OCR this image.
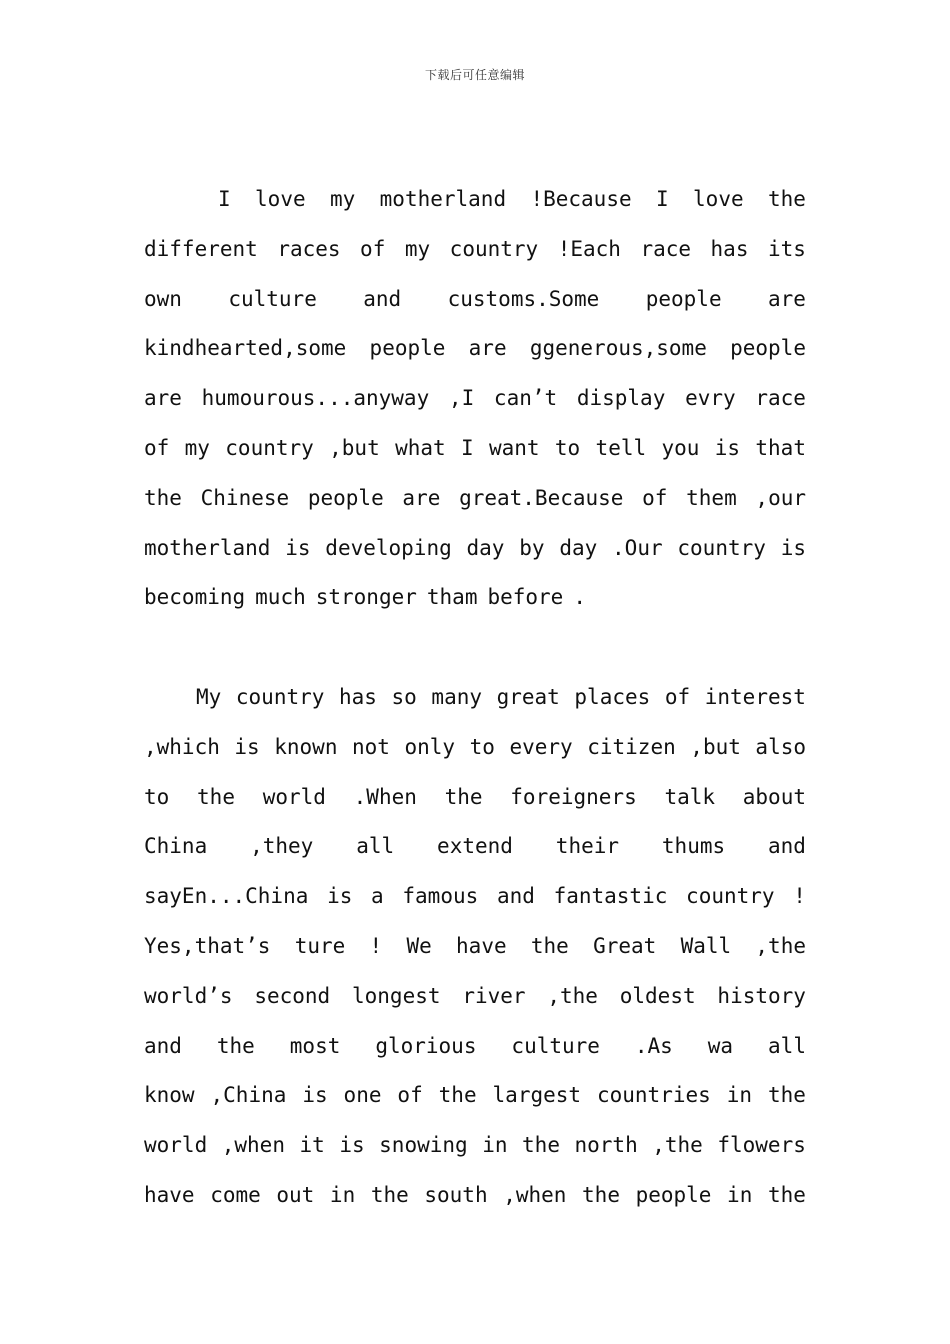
下载后可任意编辑
I love my motherland !Because I love the
different races of my country !Each race has its
own culture and customs.Some people are
kindhearted,some people are ggenerous,some people
are humourous...anyway ,I can’t display evry race
of my country ,but what I want to tell you is that
the Chinese people are great.Because of them ,our
motherland is developing day by day .Our country is
becoming much stronger tham before .
My country has so many great places of interest
,which is known not only to every citizen ,but also
to the world .When the foreigners talk about
China ,they all extend their thums and
sayEn...China is a famous and fantastic country !
Yes,that’s ture ! We have the Great Wall ,the
world’s second longest river ,the oldest history
and the most glorious culture .As wa all
know ,China is one of the largest countries in the
world ,when it is snowing in the north ,the flowers
have come out in the south ,when the people in the
